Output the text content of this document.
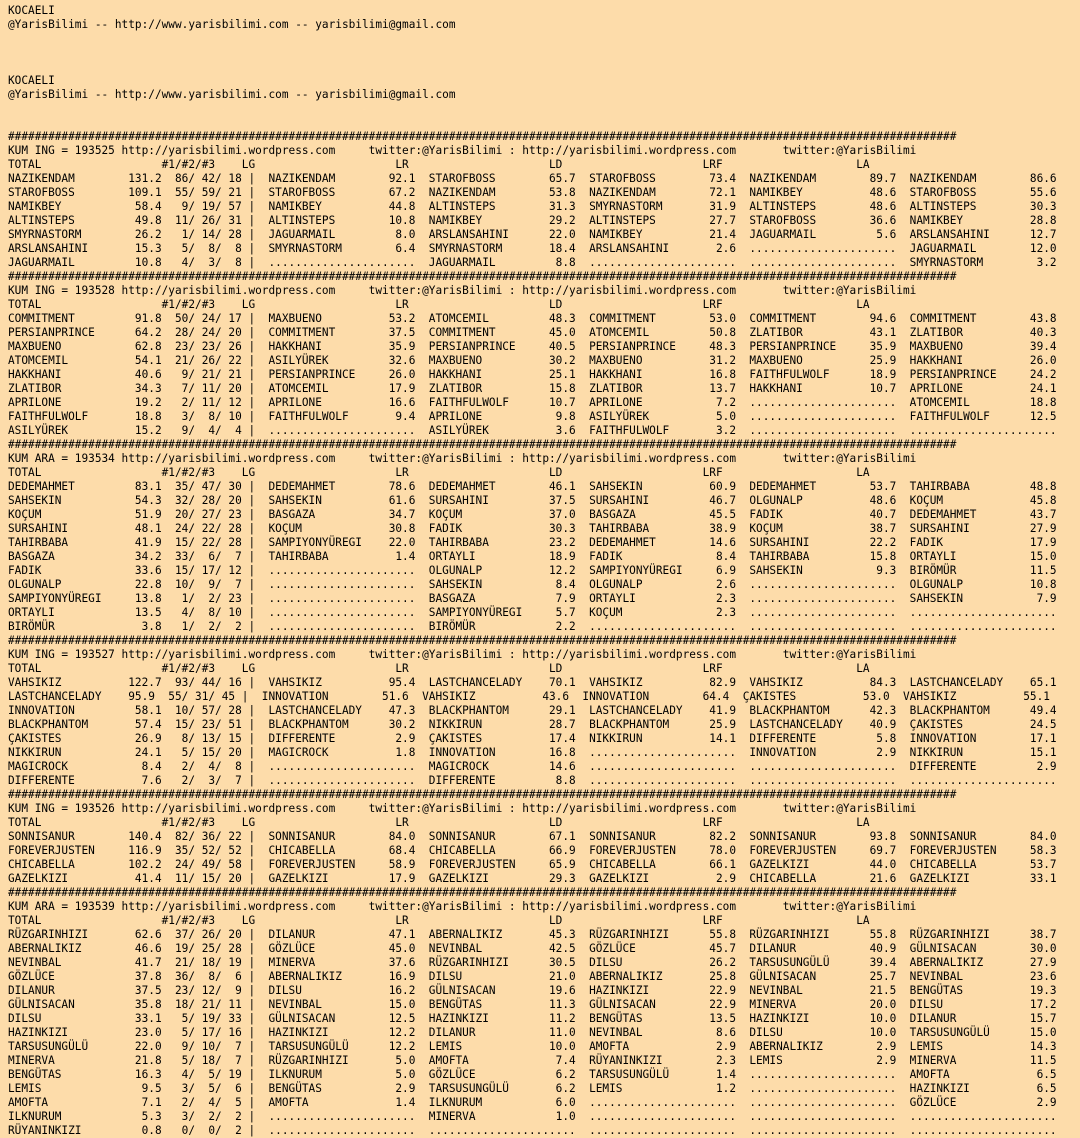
KOCAELI
@YarisBilimi -- http://www.yarisbilimi.com -- yarisbilimi@gmail.com
KOCAELI
@YarisBilimi -- http://www.yarisbilimi.com -- yarisbilimi@gmail.com
##############################################################################################################################################
KUM ING = 193525 http://yarisbilimi.wordpress.com     twitter:@YarisBilimi : http://yarisbilimi.wordpress.com       twitter:@YarisBilimi
TOTAL                  #1/#2/#3    LG                     LR                     LD                     LRF                    LA
NAZIKENDAM        131.2  86/ 42/ 18 |  NAZIKENDAM        92.1  STAROFBOSS        65.7  STAROFBOSS        73.4  NAZIKENDAM        89.7  NAZIKENDAM        86.6
STAROFBOSS        109.1  55/ 59/ 21 |  STAROFBOSS        67.2  NAZIKENDAM        53.8  NAZIKENDAM        72.1  NAMIKBEY          48.6  STAROFBOSS        55.6
NAMIKBEY           58.4   9/ 19/ 57 |  NAMIKBEY          44.8  ALTINSTEPS        31.3  SMYRNASTORM       31.9  ALTINSTEPS        48.6  ALTINSTEPS        30.3
ALTINSTEPS         49.8  11/ 26/ 31 |  ALTINSTEPS        10.8  NAMIKBEY          29.2  ALTINSTEPS        27.7  STAROFBOSS        36.6  NAMIKBEY          28.8
SMYRNASTORM        26.2   1/ 14/ 28 |  JAGUARMAIL         8.0  ARSLANSAHINI      22.0  NAMIKBEY          21.4  JAGUARMAIL         5.6  ARSLANSAHINI      12.7
ARSLANSAHINI       15.3   5/  8/  8 |  SMYRNASTORM        6.4  SMYRNASTORM       18.4  ARSLANSAHINI       2.6  ......................  JAGUARMAIL        12.0
JAGUARMAIL         10.8   4/  3/  8 |  ......................  JAGUARMAIL         8.8  ......................  ......................  SMYRNASTORM        3.2
##############################################################################################################################################
KUM ING = 193528 http://yarisbilimi.wordpress.com     twitter:@YarisBilimi : http://yarisbilimi.wordpress.com       twitter:@YarisBilimi
TOTAL                  #1/#2/#3    LG                     LR                     LD                     LRF                    LA
COMMITMENT         91.8  50/ 24/ 17 |  MAXBUENO          53.2  ATOMCEMIL         48.3  COMMITMENT        53.0  COMMITMENT        94.6  COMMITMENT        43.8
PERSIANPRINCE      64.2  28/ 24/ 20 |  COMMITMENT        37.5  COMMITMENT        45.0  ATOMCEMIL         50.8  ZLATIBOR          43.1  ZLATIBOR          40.3
MAXBUENO           62.8  23/ 23/ 26 |  HAKKHANI          35.9  PERSIANPRINCE     40.5  PERSIANPRINCE     48.3  PERSIANPRINCE     35.9  MAXBUENO          39.4
ATOMCEMIL          54.1  21/ 26/ 22 |  ASILYÜREK         32.6  MAXBUENO          30.2  MAXBUENO          31.2  MAXBUENO          25.9  HAKKHANI          26.0
HAKKHANI           40.6   9/ 21/ 21 |  PERSIANPRINCE     26.0  HAKKHANI          25.1  HAKKHANI          16.8  FAITHFULWOLF      18.9  PERSIANPRINCE     24.2
ZLATIBOR           34.3   7/ 11/ 20 |  ATOMCEMIL         17.9  ZLATIBOR          15.8  ZLATIBOR          13.7  HAKKHANI          10.7  APRILONE          24.1
APRILONE           19.2   2/ 11/ 12 |  APRILONE          16.6  FAITHFULWOLF      10.7  APRILONE           7.2  ......................  ATOMCEMIL         18.8
FAITHFULWOLF       18.8   3/  8/ 10 |  FAITHFULWOLF       9.4  APRILONE           9.8  ASILYÜREK          5.0  ......................  FAITHFULWOLF      12.5
ASILYÜREK          15.2   9/  4/  4 |  ......................  ASILYÜREK          3.6  FAITHFULWOLF       3.2  ......................  ......................
##############################################################################################################################################
KUM ARA = 193534 http://yarisbilimi.wordpress.com     twitter:@YarisBilimi : http://yarisbilimi.wordpress.com       twitter:@YarisBilimi
TOTAL                  #1/#2/#3    LG                     LR                     LD                     LRF                    LA
DEDEMAHMET         83.1  35/ 47/ 30 |  DEDEMAHMET        78.6  DEDEMAHMET        46.1  SAHSEKIN          60.9  DEDEMAHMET        53.7  TAHIRBABA         48.8
SAHSEKIN           54.3  32/ 28/ 20 |  SAHSEKIN          61.6  SURSAHINI         37.5  SURSAHINI         46.7  OLGUNALP          48.6  KOÇUM             45.8
KOÇUM              51.9  20/ 27/ 23 |  BASGAZA           34.7  KOÇUM             37.0  BASGAZA           45.5  FADIK             40.7  DEDEMAHMET        43.7
SURSAHINI          48.1  24/ 22/ 28 |  KOÇUM             30.8  FADIK             30.3  TAHIRBABA         38.9  KOÇUM             38.7  SURSAHINI         27.9
TAHIRBABA          41.9  15/ 22/ 28 |  SAMPIYONYÜREGI    22.0  TAHIRBABA         23.2  DEDEMAHMET        14.6  SURSAHINI         22.2  FADIK             17.9
BASGAZA            34.2  33/  6/  7 |  TAHIRBABA          1.4  ORTAYLI           18.9  FADIK              8.4  TAHIRBABA         15.8  ORTAYLI           15.0
FADIK              33.6  15/ 17/ 12 |  ......................  OLGUNALP          12.2  SAMPIYONYÜREGI     6.9  SAHSEKIN           9.3  BIRÖMÜR           11.5
OLGUNALP           22.8  10/  9/  7 |  ......................  SAHSEKIN           8.4  OLGUNALP           2.6  ......................  OLGUNALP          10.8
SAMPIYONYÜREGI     13.8   1/  2/ 23 |  ......................  BASGAZA            7.9  ORTAYLI            2.3  ......................  SAHSEKIN           7.9
ORTAYLI            13.5   4/  8/ 10 |  ......................  SAMPIYONYÜREGI     5.7  KOÇUM              2.3  ......................  ......................
BIRÖMÜR             3.8   1/  2/  2 |  ......................  BIRÖMÜR            2.2  ......................  ......................  ......................
##############################################################################################################################################
KUM ING = 193527 http://yarisbilimi.wordpress.com     twitter:@YarisBilimi : http://yarisbilimi.wordpress.com       twitter:@YarisBilimi
TOTAL                  #1/#2/#3    LG                     LR                     LD                     LRF                    LA
VAHSIKIZ          122.7  93/ 44/ 16 |  VAHSIKIZ          95.4  LASTCHANCELADY    70.1  VAHSIKIZ          82.9  VAHSIKIZ          84.3  LASTCHANCELADY    65.1
LASTCHANCELADY    95.9  55/ 31/ 45 |  INNOVATION        51.6  VAHSIKIZ          43.6  INNOVATION        64.4  ÇAKISTES          53.0  VAHSIKIZ          55.1
INNOVATION         58.1  10/ 57/ 28 |  LASTCHANCELADY    47.3  BLACKPHANTOM      29.1  LASTCHANCELADY    41.9  BLACKPHANTOM      42.3  BLACKPHANTOM      49.4
BLACKPHANTOM       57.4  15/ 23/ 51 |  BLACKPHANTOM      30.2  NIKKIRUN          28.7  BLACKPHANTOM      25.9  LASTCHANCELADY    40.9  ÇAKISTES          24.5
ÇAKISTES           26.9   8/ 13/ 15 |  DIFFERENTE         2.9  ÇAKISTES          17.4  NIKKIRUN          14.1  DIFFERENTE         5.8  INNOVATION        17.1
NIKKIRUN           24.1   5/ 15/ 20 |  MAGICROCK          1.8  INNOVATION        16.8  ......................  INNOVATION         2.9  NIKKIRUN          15.1
MAGICROCK           8.4   2/  4/  8 |  ......................  MAGICROCK         14.6  ......................  ......................  DIFFERENTE         2.9
DIFFERENTE          7.6   2/  3/  7 |  ......................  DIFFERENTE         8.8  ......................  ......................  ......................
##############################################################################################################################################
KUM ING = 193526 http://yarisbilimi.wordpress.com     twitter:@YarisBilimi : http://yarisbilimi.wordpress.com       twitter:@YarisBilimi
TOTAL                  #1/#2/#3    LG                     LR                     LD                     LRF                    LA
SONNISANUR        140.4  82/ 36/ 22 |  SONNISANUR        84.0  SONNISANUR        67.1  SONNISANUR        82.2  SONNISANUR        93.8  SONNISANUR        84.0
FOREVERJUSTEN     116.9  35/ 52/ 52 |  CHICABELLA        68.4  CHICABELLA        66.9  FOREVERJUSTEN     78.0  FOREVERJUSTEN     69.7  FOREVERJUSTEN     58.3
CHICABELLA        102.2  24/ 49/ 58 |  FOREVERJUSTEN     58.9  FOREVERJUSTEN     65.9  CHICABELLA        66.1  GAZELKIZI         44.0  CHICABELLA        53.7
GAZELKIZI          41.4  11/ 15/ 20 |  GAZELKIZI         17.9  GAZELKIZI         29.3  GAZELKIZI          2.9  CHICABELLA        21.6  GAZELKIZI         33.1
##############################################################################################################################################
KUM ARA = 193539 http://yarisbilimi.wordpress.com     twitter:@YarisBilimi : http://yarisbilimi.wordpress.com       twitter:@YarisBilimi
TOTAL                  #1/#2/#3    LG                     LR                     LD                     LRF                    LA
RÜZGARINHIZI       62.6  37/ 26/ 20 |  DILANUR           47.1  ABERNALIKIZ       45.3  RÜZGARINHIZI      55.8  RÜZGARINHIZI      55.8  RÜZGARINHIZI      38.7
ABERNALIKIZ        46.6  19/ 25/ 28 |  GÖZLÜCE           45.0  NEVINBAL          42.5  GÖZLÜCE           45.7  DILANUR           40.9  GÜLNISACAN        30.0
NEVINBAL           41.7  21/ 18/ 19 |  MINERVA           37.6  RÜZGARINHIZI      30.5  DILSU             26.2  TARSUSUNGÜLÜ      39.4  ABERNALIKIZ       27.9
GÖZLÜCE            37.8  36/  8/  6 |  ABERNALIKIZ       16.9  DILSU             21.0  ABERNALIKIZ       25.8  GÜLNISACAN        25.7  NEVINBAL          23.6
DILANUR            37.5  23/ 12/  9 |  DILSU             16.2  GÜLNISACAN        19.6  HAZINKIZI         22.9  NEVINBAL          21.5  BENGÜTAS          19.3
GÜLNISACAN         35.8  18/ 21/ 11 |  NEVINBAL          15.0  BENGÜTAS          11.3  GÜLNISACAN        22.9  MINERVA           20.0  DILSU             17.2
DILSU              33.1   5/ 19/ 33 |  GÜLNISACAN        12.5  HAZINKIZI         11.2  BENGÜTAS          13.5  HAZINKIZI         10.0  DILANUR           15.7
HAZINKIZI          23.0   5/ 17/ 16 |  HAZINKIZI         12.2  DILANUR           11.0  NEVINBAL           8.6  DILSU             10.0  TARSUSUNGÜLÜ      15.0
TARSUSUNGÜLÜ       22.0   9/ 10/  7 |  TARSUSUNGÜLÜ      12.2  LEMIS             10.0  AMOFTA             2.9  ABERNALIKIZ        2.9  LEMIS             14.3
MINERVA            21.8   5/ 18/  7 |  RÜZGARINHIZI       5.0  AMOFTA             7.4  RÜYANINKIZI        2.3  LEMIS              2.9  MINERVA           11.5
BENGÜTAS           16.3   4/  5/ 19 |  ILKNURUM           5.0  GÖZLÜCE            6.2  TARSUSUNGÜLÜ       1.4  ......................  AMOFTA             6.5
LEMIS               9.5   3/  5/  6 |  BENGÜTAS           2.9  TARSUSUNGÜLÜ       6.2  LEMIS              1.2  ......................  HAZINKIZI          6.5
AMOFTA              7.1   2/  4/  5 |  AMOFTA             1.4  ILKNURUM           6.0  ......................  ......................  GÖZLÜCE            2.9
ILKNURUM            5.3   3/  2/  2 |  ......................  MINERVA            1.0  ......................  ......................  ......................
RÜYANINKIZI         0.8   0/  0/  2 |  ......................  ......................  ......................  ......................  ......................
